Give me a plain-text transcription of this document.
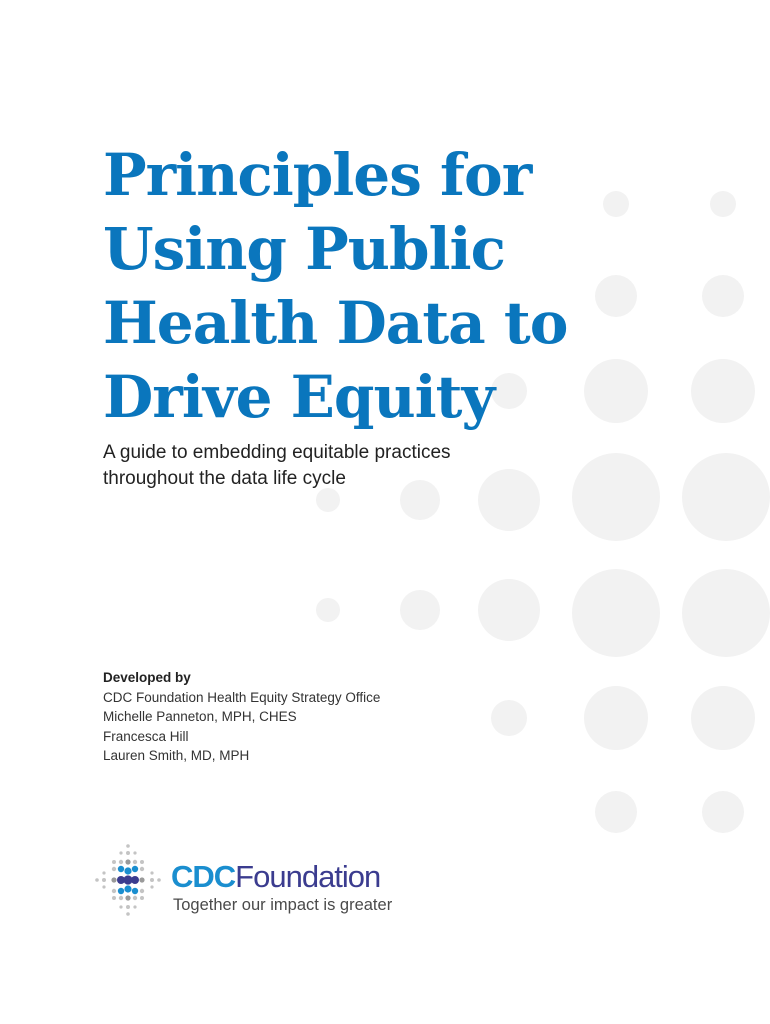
Principles for
Using Public
Health Data to
Drive Equity

A guide to embedding equitable practices
throughout the data life cycle

Developed by
CDC Foundation Health Equity Strategy Office
Michelle Panneton, MPH, CHES
Francesca Hill
Lauren Smith, MD, MPH
CDCFoundation
Together our impact is greater
